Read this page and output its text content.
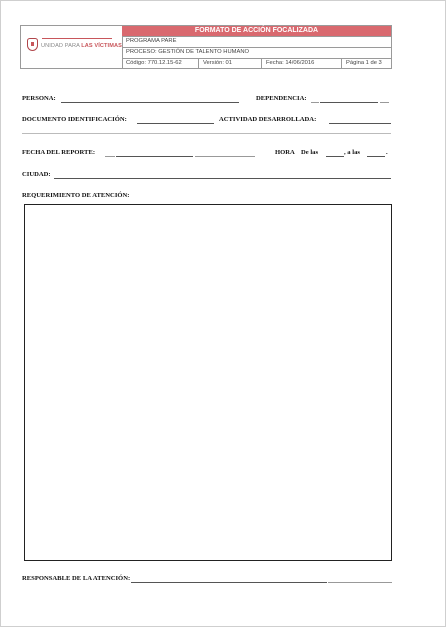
UNIDAD PARA LAS VÍCTIMAS
FORMATO DE ACCIÓN FOCALIZADA
PROGRAMA PARE
PROCESO: GESTIÓN DE TALENTO HUMANO
Código: 770.12.15-62	Versión: 01	Fecha: 14/06/2016	Página 1 de 3
PERSONA:	DEPENDENCIA:
DOCUMENTO IDENTIFICACIÓN:	ACTIVIDAD DESARROLLADA:
FECHA DEL REPORTE:	HORA De las	, a las	.
CIUDAD:
REQUERIMIENTO DE ATENCIÓN:
RESPONSABLE DE LA ATENCIÓN:
